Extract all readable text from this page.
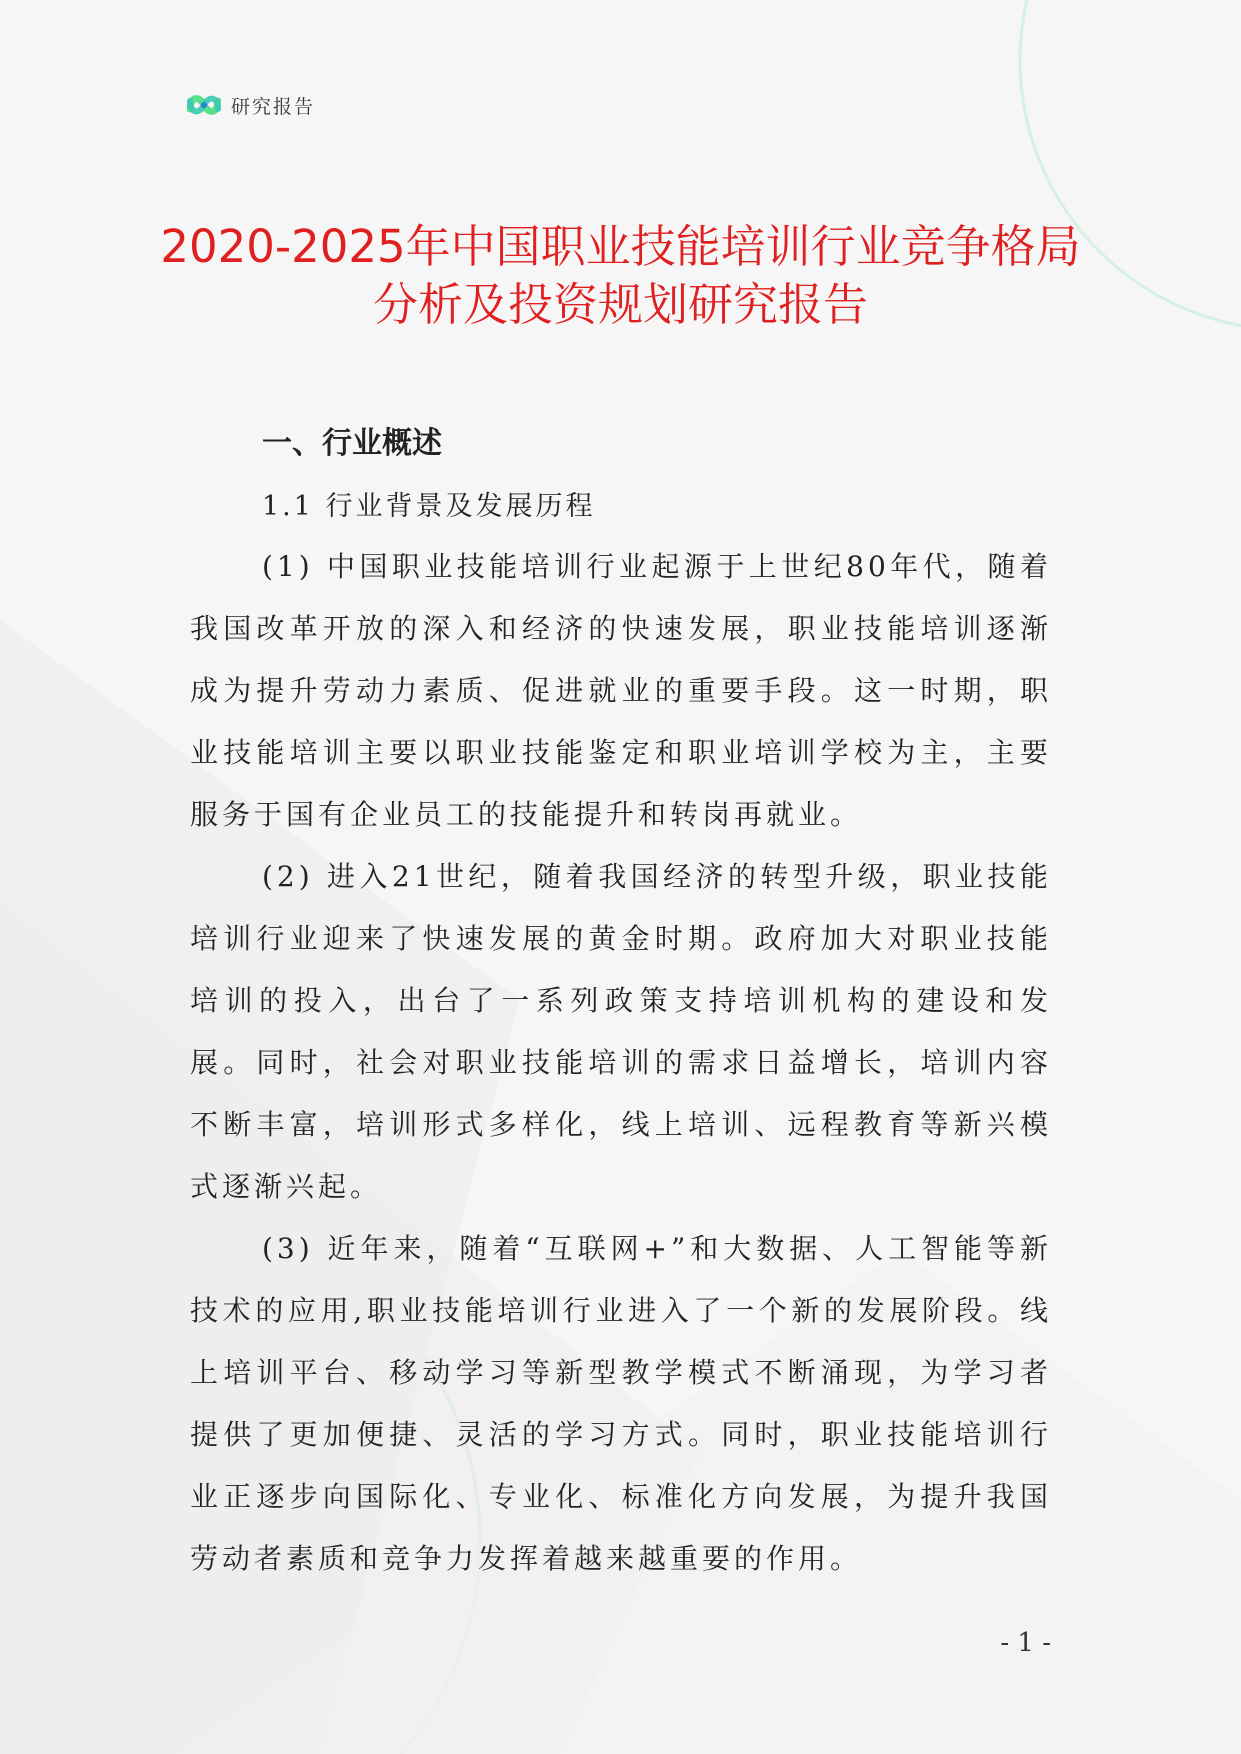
研究报告
2020-2025年中国职业技能培训行业竞争格局分析及投资规划研究报告
一、行业概述
1.1 行业背景及发展历程

(1) 中国职业技能培训行业起源于上世纪80年代，随着我国改革开放的深入和经济的快速发展，职业技能培训逐渐成为提升劳动力素质、促进就业的重要手段。这一时期，职业技能培训主要以职业技能鉴定和职业培训学校为主，主要服务于国有企业员工的技能提升和转岗再就业。

(2) 进入21世纪，随着我国经济的转型升级，职业技能培训行业迎来了快速发展的黄金时期。政府加大对职业技能培训的投入，出台了一系列政策支持培训机构的建设和发展。同时，社会对职业技能培训的需求日益增长，培训内容不断丰富，培训形式多样化，线上培训、远程教育等新兴模式逐渐兴起。

(3) 近年来，随着“互联网+”和大数据、人工智能等新技术的应用,职业技能培训行业进入了一个新的发展阶段。线上培训平台、移动学习等新型教学模式不断涌现，为学习者提供了更加便捷、灵活的学习方式。同时，职业技能培训行业正逐步向国际化、专业化、标准化方向发展，为提升我国劳动者素质和竞争力发挥着越来越重要的作用。

- 1 -
